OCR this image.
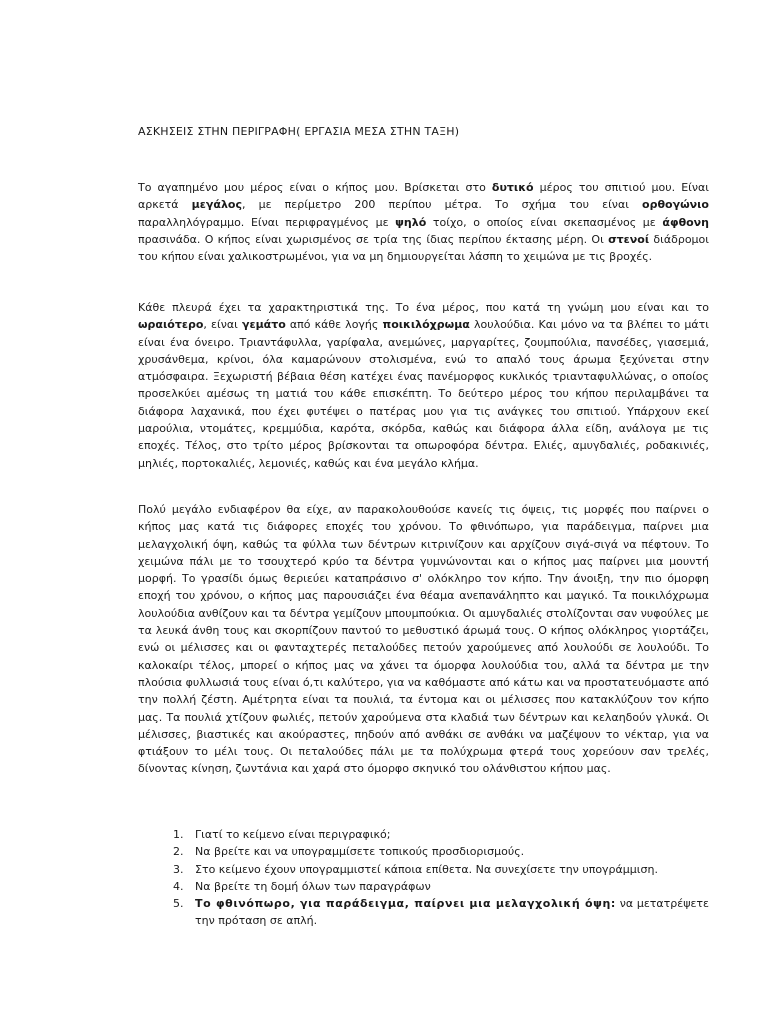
ΑΣΚΗΣΕΙΣ ΣΤΗΝ ΠΕΡΙΓΡΑΦΗ( ΕΡΓΑΣΙΑ ΜΕΣΑ ΣΤΗΝ ΤΑΞΗ)

Το αγαπημένο μου μέρος είναι ο κήπος μου. Βρίσκεται στο δυτικό μέρος του σπιτιού μου. Είναι αρκετά μεγάλος, με περίμετρο 200 περίπου μέτρα. Το σχήμα του είναι ορθογώνιο παραλληλόγραμμο. Είναι περιφραγμένος με ψηλό τοίχο, ο οποίος είναι σκεπασμένος με άφθονη πρασινάδα. Ο κήπος είναι χωρισμένος σε τρία της ίδιας περίπου έκτασης μέρη. Οι στενοί διάδρομοι του κήπου είναι χαλικοστρωμένοι, για να μη δημιουργείται λάσπη το χειμώνα με τις βροχές.

Κάθε πλευρά έχει τα χαρακτηριστικά της. Το ένα μέρος, που κατά τη γνώμη μου είναι και το ωραιότερο, είναι γεμάτο από κάθε λογής ποικιλόχρωμα λουλούδια. Και μόνο να τα βλέπει το μάτι είναι ένα όνειρο. Τριαντάφυλλα, γαρίφαλα, ανεμώνες, μαργαρίτες, ζουμπούλια, πανσέδες, γιασεμιά, χρυσάνθεμα, κρίνοι, όλα καμαρώνουν στολισμένα, ενώ το απαλό τους άρωμα ξεχύνεται στην ατμόσφαιρα. Ξεχωριστή βέβαια θέση κατέχει ένας πανέμορφος κυκλικός τριανταφυλλώνας, ο οποίος προσελκύει αμέσως τη ματιά του κάθε επισκέπτη. Το δεύτερο μέρος του κήπου περιλαμβάνει τα διάφορα λαχανικά, που έχει φυτέψει ο πατέρας μου για τις ανάγκες του σπιτιού. Υπάρχουν εκεί μαρούλια, ντομάτες, κρεμμύδια, καρότα, σκόρδα, καθώς και διάφορα άλλα είδη, ανάλογα με τις εποχές. Τέλος, στο τρίτο μέρος βρίσκονται τα οπωροφόρα δέντρα. Ελιές, αμυγδαλιές, ροδακινιές, μηλιές, πορτοκαλιές, λεμονιές, καθώς και ένα μεγάλο κλήμα.

Πολύ μεγάλο ενδιαφέρον θα είχε, αν παρακολουθούσε κανείς τις όψεις, τις μορφές που παίρνει ο κήπος μας κατά τις διάφορες εποχές του χρόνου. Το φθινόπωρο, για παράδειγμα, παίρνει μια μελαγχολική όψη, καθώς τα φύλλα των δέντρων κιτρινίζουν και αρχίζουν σιγά-σιγά να πέφτουν. Το χειμώνα πάλι με το τσουχτερό κρύο τα δέντρα γυμνώνονται και ο κήπος μας παίρνει μια μουντή μορφή. Το γρασίδι όμως θεριεύει καταπράσινο σ' ολόκληρο τον κήπο. Την άνοιξη, την πιο όμορφη εποχή του χρόνου, ο κήπος μας παρουσιάζει ένα θέαμα ανεπανάληπτο και μαγικό. Τα ποικιλόχρωμα λουλούδια ανθίζουν και τα δέντρα γεμίζουν μπουμπούκια. Οι αμυγδαλιές στολίζονται σαν νυφούλες με τα λευκά άνθη τους και σκορπίζουν παντού το μεθυστικό άρωμά τους. Ο κήπος ολόκληρος γιορτάζει, ενώ οι μέλισσες και οι φανταχτερές πεταλούδες πετούν χαρούμενες από λουλούδι σε λουλούδι. Το καλοκαίρι τέλος, μπορεί ο κήπος μας να χάνει τα όμορφα λουλούδια του, αλλά τα δέντρα με την πλούσια φυλλωσιά τους είναι ό,τι καλύτερο, για να καθόμαστε από κάτω και να προστατευόμαστε από την πολλή ζέστη. Αμέτρητα είναι τα πουλιά, τα έντομα και οι μέλισσες που κατακλύζουν τον κήπο μας. Τα πουλιά χτίζουν φωλιές, πετούν χαρούμενα στα κλαδιά των δέντρων και κελαηδούν γλυκά. Οι μέλισσες, βιαστικές και ακούραστες, πηδούν από ανθάκι σε ανθάκι να μαζέψουν το νέκταρ, για να φτιάξουν το μέλι τους. Οι πεταλούδες πάλι με τα πολύχρωμα φτερά τους χορεύουν σαν τρελές, δίνοντας κίνηση, ζωντάνια και χαρά στο όμορφο σκηνικό του ολάνθιστου κήπου μας.

1. Γιατί το κείμενο είναι περιγραφικό;
2. Να βρείτε και να υπογραμμίσετε τοπικούς προσδιορισμούς.
3. Στο κείμενο έχουν υπογραμμιστεί κάποια επίθετα. Να συνεχίσετε την υπογράμμιση.
4. Να βρείτε τη δομή όλων των παραγράφων
5. Το φθινόπωρο, για παράδειγμα, παίρνει μια μελαγχολική όψη: να μετατρέψετε την πρόταση σε απλή.
